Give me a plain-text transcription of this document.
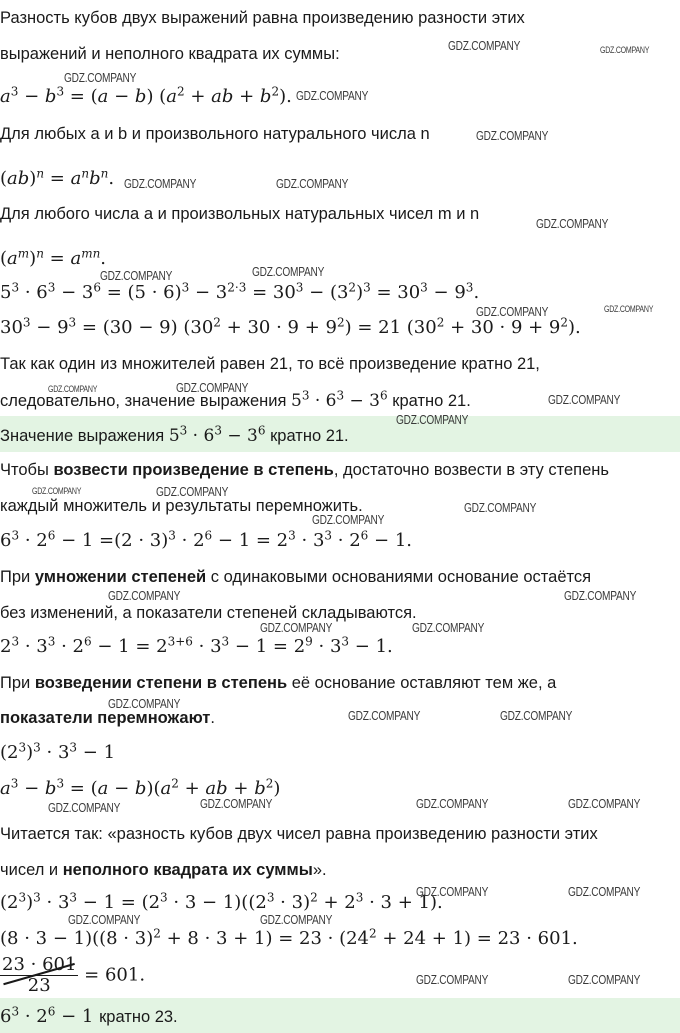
Разность кубов двух выражений равна произведению разности этих
выражений и неполного квадрата их суммы:
$a^3 - b^3 = (a - b) (a^2$ + ab + $b^2$).
Для любых a и b и произвольного натурального числа n
$(ab)^n = a^nb^n$.
Для любого числа a и произвольных натуральных чисел m и n
$(a^m)^n = a^{mn}$.
$5^3 \cdot 6^3 - 3^6 = (5 \cdot 6)^3 - 3^{2\cdot 3} = 30^3 - (3^2)^3 = 30^3 - 9^3$.
$30^3 - 9^3 = (30 - 9) (30^2 + 30 \cdot 9 + 9^2) = 21$ $(30^2 + 30 \cdot 9 + 9^2)$.
Так как один из множителей равен 21, то всё произведение кратно 21,
следовательно, значение выражения $5^3 \cdot 6^3 - 3^6$ кратно 21.
Значение выражения $5^3 \cdot 6^3 - 3^6$ кратно 21.
Чтобы возвести произведение в степень, достаточно возвести в эту степень
каждый множитель и результаты перемножить.
$6^3 \cdot 2^6 - 1 =(2 \cdot 3)^3 \cdot 2^6 - 1 = 2^3 \cdot 3^3 \cdot 2^6 - 1$.
При умножении степеней с одинаковыми основаниями основание остаётся
без изменений, а показатели степеней складываются.
$2^3 \cdot 3^3 \cdot 2^6 - 1 = 2^{3+6} \cdot 3^3 - 1 = 2^9 \cdot 3^3 - 1$.
При возведении степени в степень её основание оставляют тем же, а
показатели перемножают.
$(2^3)^3 \cdot 3^3 - 1$
$a^3 - b^3 = (a - b)(a^2$ + ab + $b^2$)
Читается так: «разность кубов двух чисел равна произведению разности этих
чисел и неполного квадрата их суммы».
$(2^3)^3 \cdot 3^3 - 1 = (2^3 \cdot 3 - 1)((2^3 \cdot 3)^2 + 2^3 \cdot 3 + 1)$.
$(8 \cdot 3 - 1)((8 \cdot 3)^2 + 8 \cdot 3 + 1) = 23 \cdot (24^2 + 24 + 1) = 23 \cdot 601$.
$\frac{23 \cdot 601}{23} = 601$.
$6^3 \cdot 2^6 - 1$ кратно 23.
GDZ.COMPANY	GDZ.COMPANY
GDZ.COMPANY
GDZ.COMPANY
GDZ.COMPANY
GDZ.COMPANY	GDZ.COMPANY
GDZ.COMPANY
GDZ.COMPANY	GDZ.COMPANY
GDZ.COMPANY	GDZ.COMPANY
GDZ.COMPANY
GDZ.COMPANY
GDZ.COMPANY
GDZ.COMPANY
GDZ.COMPANY
GDZ.COMPANY
GDZ.COMPANY
GDZ.COMPANY
GDZ.COMPANY	GDZ.COMPANY
GDZ.COMPANY	GDZ.COMPANY
GDZ.COMPANY
GDZ.COMPANY	GDZ.COMPANY
GDZ.COMPANY	GDZ.COMPANY	GDZ.COMPANY	GDZ.COMPANY
GDZ.COMPANY	GDZ.COMPANY
GDZ.COMPANY	GDZ.COMPANY
GDZ.COMPANY	GDZ.COMPANY
